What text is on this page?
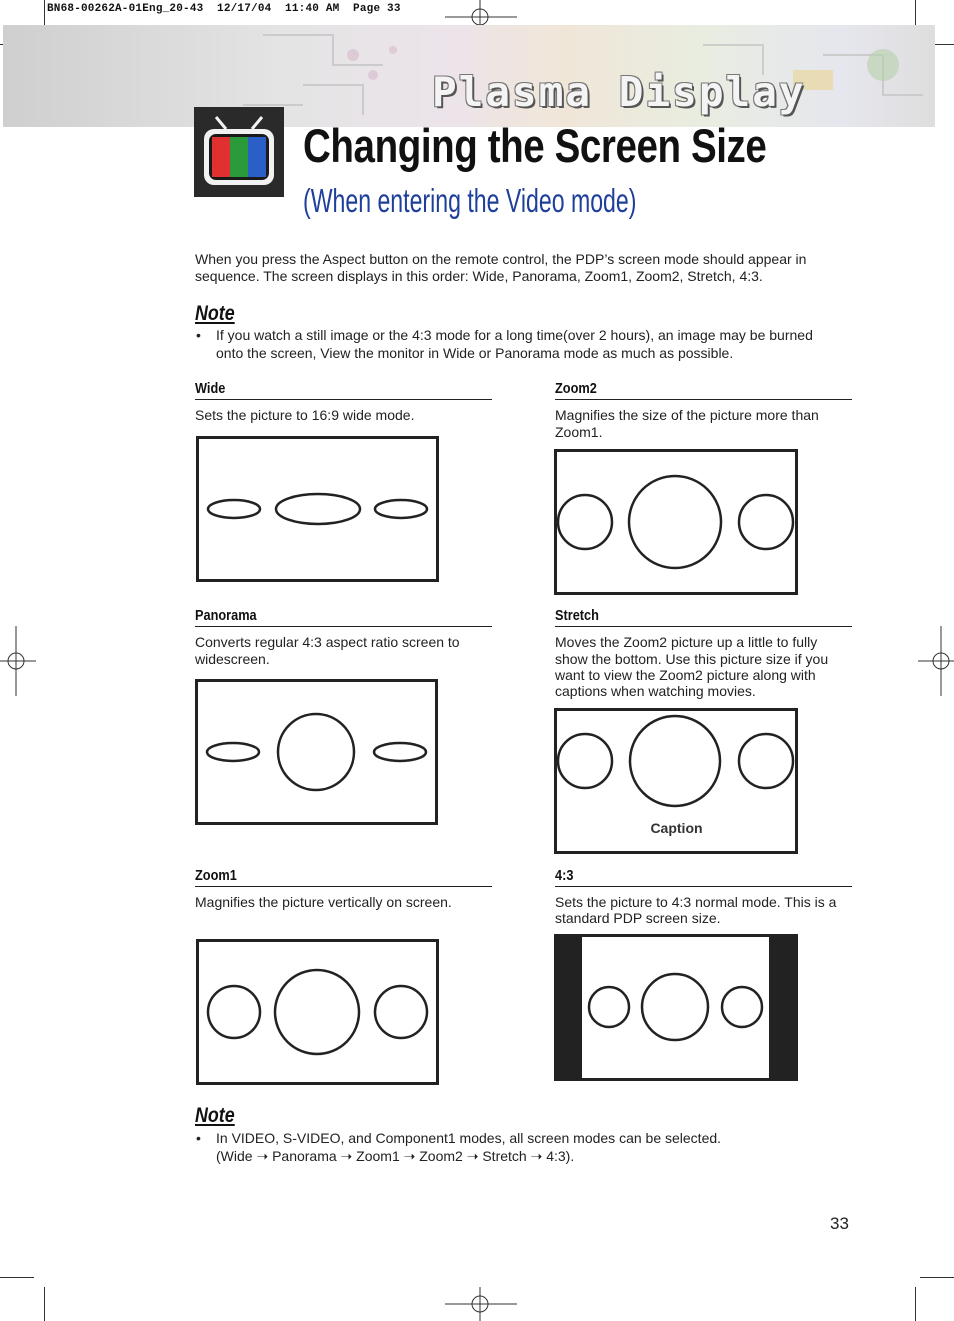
BN68-00262A-01Eng_20-43  12/17/04  11:40 AM  Page 33
Plasma Display
Changing the Screen Size
(When entering the Video mode)
When you press the Aspect button on the remote control, the PDP’s screen mode should appear in
sequence. The screen displays in this order: Wide, Panorama, Zoom1, Zoom2, Stretch, 4:3.
Note
• If you watch a still image or the 4:3 mode for a long time(over 2 hours), an image may be burned
onto the screen, View the monitor in Wide or Panorama mode as much as possible.
Wide
Sets the picture to 16:9 wide mode.
Zoom2
Magnifies the size of the picture more than
Zoom1.
Panorama
Converts regular 4:3 aspect ratio screen to
widescreen.
Stretch
Moves the Zoom2 picture up a little to fully
show the bottom. Use this picture size if you
want to view the Zoom2 picture along with
captions when watching movies.
Caption
Zoom1
Magnifies the picture vertically on screen.
4:3
Sets the picture to 4:3 normal mode. This is a
standard PDP screen size.
Note
• In VIDEO, S-VIDEO, and Component1 modes, all screen modes can be selected.
(Wide ➝ Panorama ➝ Zoom1 ➝ Zoom2 ➝ Stretch ➝ 4:3).
33
